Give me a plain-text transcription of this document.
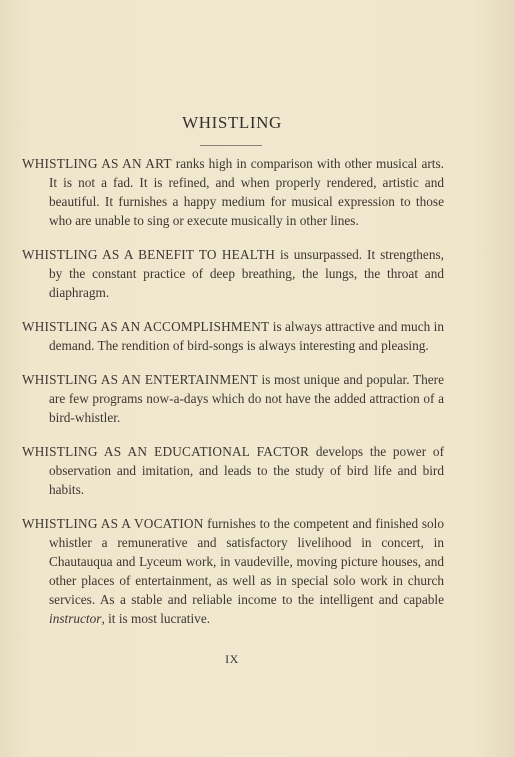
WHISTLING

WHISTLING AS AN ART ranks high in comparison with other musical arts. It is not a fad. It is refined, and when properly rendered, artistic and beautiful. It furnishes a happy medium for musical expression to those who are unable to sing or execute musically in other lines.

WHISTLING AS A BENEFIT TO HEALTH is unsurpassed. It strengthens, by the constant practice of deep breathing, the lungs, the throat and diaphragm.

WHISTLING AS AN ACCOMPLISHMENT is always attractive and much in demand. The rendition of bird-songs is always interesting and pleasing.

WHISTLING AS AN ENTERTAINMENT is most unique and popular. There are few programs now-a-days which do not have the added attraction of a bird-whistler.

WHISTLING AS AN EDUCATIONAL FACTOR develops the power of observation and imitation, and leads to the study of bird life and bird habits.

WHISTLING AS A VOCATION furnishes to the competent and finished solo whistler a remunerative and satisfactory livelihood in concert, in Chautauqua and Lyceum work, in vaudeville, moving picture houses, and other places of entertainment, as well as in special solo work in church services. As a stable and reliable income to the intelligent and capable instructor, it is most lucrative.

IX
